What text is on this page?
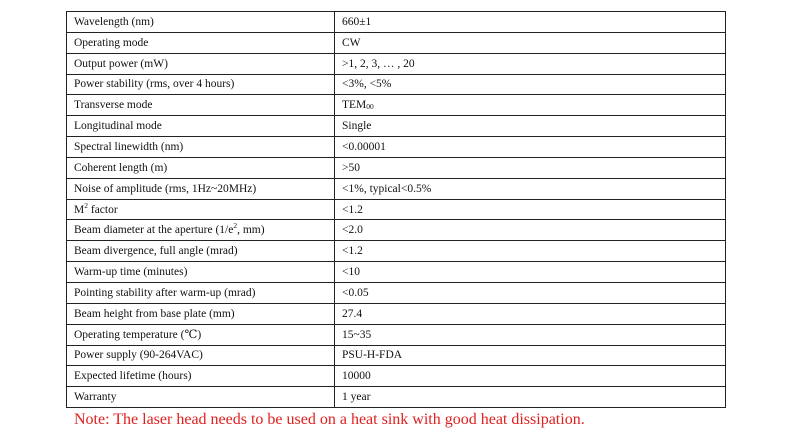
Wavelength (nm)	660±1
Operating mode	CW
Output power (mW)	>1, 2, 3, … , 20
Power stability (rms, over 4 hours)	<3%, <5%
Transverse mode	TEM00
Longitudinal mode	Single
Spectral linewidth (nm)	<0.00001
Coherent length (m)	>50
Noise of amplitude (rms, 1Hz~20MHz)	<1%, typical<0.5%
$M^2$ factor	<1.2
Beam diameter at the aperture ($1/e^2$, mm)	<2.0
Beam divergence, full angle (mrad)	<1.2
Warm-up time (minutes)	<10
Pointing stability after warm-up (mrad)	<0.05
Beam height from base plate (mm)	27.4
Operating temperature (℃)	15~35
Power supply (90-264VAC)	PSU-H-FDA
Expected lifetime (hours)	10000
Warranty	1 year
Note: The laser head needs to be used on a heat sink with good heat dissipation.
